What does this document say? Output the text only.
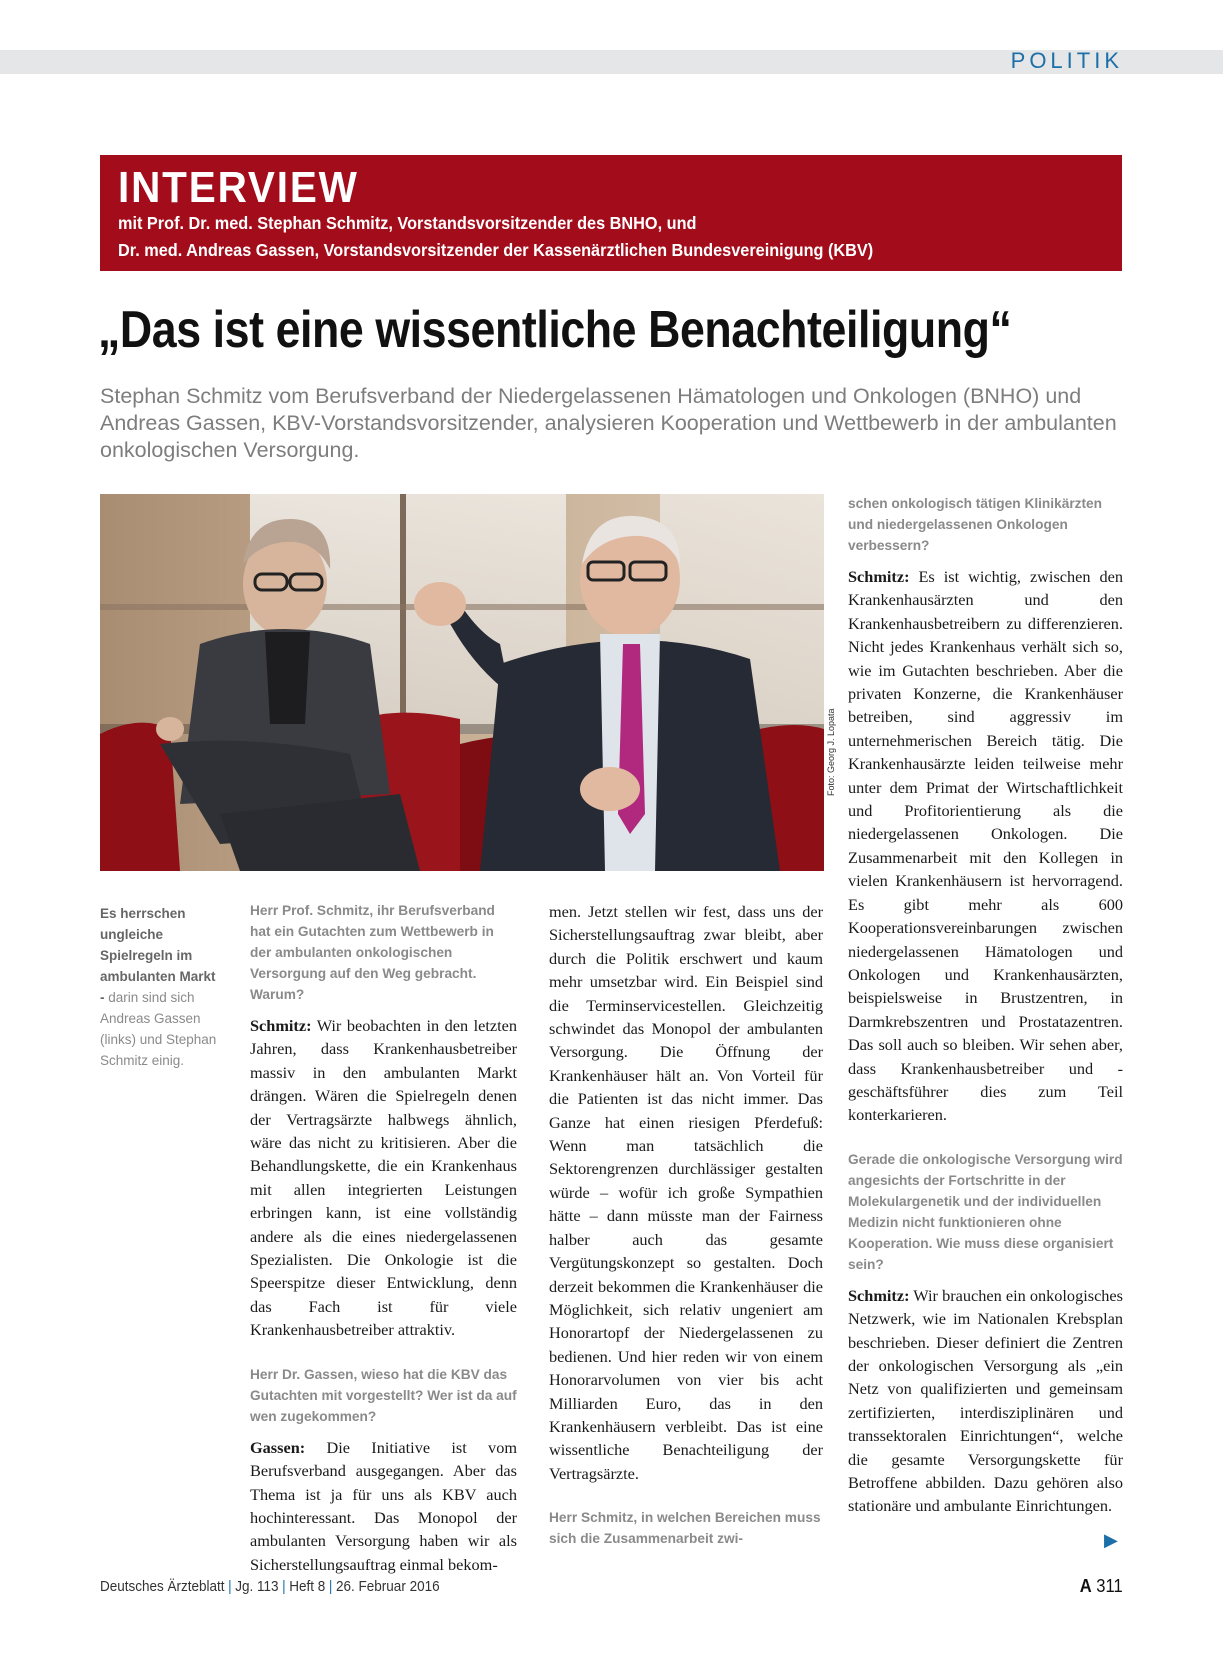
POLITIK
INTERVIEW
mit Prof. Dr. med. Stephan Schmitz, Vorstandsvorsitzender des BNHO, und
Dr. med. Andreas Gassen, Vorstandsvorsitzender der Kassenärztlichen Bundesvereinigung (KBV)
„Das ist eine wissentliche Benachteiligung“
Stephan Schmitz vom Berufsverband der Niedergelassenen Hämatologen und Onkologen (BNHO) und Andreas Gassen, KBV-Vorstandsvorsitzender, analysieren Kooperation und Wettbewerb in der ambulanten onkologischen Versorgung.
Foto: Georg J. Lopata
Es herrschen ungleiche Spielregeln im ambulanten Markt - darin sind sich Andreas Gassen (links) und Stephan Schmitz einig.
Herr Prof. Schmitz, ihr Berufsverband hat ein Gutachten zum Wettbewerb in der ambulanten onkologischen Versorgung auf den Weg gebracht. Warum?
Schmitz: Wir beobachten in den letzten Jahren, dass Krankenhausbetreiber massiv in den ambulanten Markt drängen. Wären die Spielregeln denen der Vertragsärzte halbwegs ähnlich, wäre das nicht zu kritisieren. Aber die Behandlungskette, die ein Krankenhaus mit allen integrierten Leistungen erbringen kann, ist eine vollständig andere als die eines niedergelassenen Spezialisten. Die Onkologie ist die Speerspitze dieser Entwicklung, denn das Fach ist für viele Krankenhausbetreiber attraktiv.
Herr Dr. Gassen, wieso hat die KBV das Gutachten mit vorgestellt? Wer ist da auf wen zugekommen?
Gassen: Die Initiative ist vom Berufsverband ausgegangen. Aber das Thema ist ja für uns als KBV auch hochinteressant. Das Monopol der ambulanten Versorgung haben wir als Sicherstellungsauftrag einmal bekom-
men. Jetzt stellen wir fest, dass uns der Sicherstellungsauftrag zwar bleibt, aber durch die Politik erschwert und kaum mehr umsetzbar wird. Ein Beispiel sind die Terminservicestellen. Gleichzeitig schwindet das Monopol der ambulanten Versorgung. Die Öffnung der Krankenhäuser hält an. Von Vorteil für die Patienten ist das nicht immer. Das Ganze hat einen riesigen Pferdefuß: Wenn man tatsächlich die Sektorengrenzen durchlässiger gestalten würde – wofür ich große Sympathien hätte – dann müsste man der Fairness halber auch das gesamte Vergütungskonzept so gestalten. Doch derzeit bekommen die Krankenhäuser die Möglichkeit, sich relativ ungeniert am Honorartopf der Niedergelassenen zu bedienen. Und hier reden wir von einem Honorarvolumen von vier bis acht Milliarden Euro, das in den Krankenhäusern verbleibt. Das ist eine wissentliche Benachteiligung der Vertragsärzte.
Herr Schmitz, in welchen Bereichen muss sich die Zusammenarbeit zwi-
schen onkologisch tätigen Klinikärzten und niedergelassenen Onkologen verbessern?
Schmitz: Es ist wichtig, zwischen den Krankenhausärzten und den Krankenhausbetreibern zu differenzieren. Nicht jedes Krankenhaus verhält sich so, wie im Gutachten beschrieben. Aber die privaten Konzerne, die Krankenhäuser betreiben, sind aggressiv im unternehmerischen Bereich tätig. Die Krankenhausärzte leiden teilweise mehr unter dem Primat der Wirtschaftlichkeit und Profitorientierung als die niedergelassenen Onkologen. Die Zusammenarbeit mit den Kollegen in vielen Krankenhäusern ist hervorragend. Es gibt mehr als 600 Kooperationsvereinbarungen zwischen niedergelassenen Hämatologen und Onkologen und Krankenhausärzten, beispielsweise in Brustzentren, in Darmkrebszentren und Prostatazentren. Das soll auch so bleiben. Wir sehen aber, dass Krankenhausbetreiber und -geschäftsführer dies zum Teil konterkarieren.
Gerade die onkologische Versorgung wird angesichts der Fortschritte in der Molekulargenetik und der individuellen Medizin nicht funktionieren ohne Kooperation. Wie muss diese organisiert sein?
Schmitz: Wir brauchen ein onkologisches Netzwerk, wie im Nationalen Krebsplan beschrieben. Dieser definiert die Zentren der onkologischen Versorgung als „ein Netz von qualifizierten und gemeinsam zertifizierten, interdisziplinären und transsektoralen Einrichtungen“, welche die gesamte Versorgungskette für Betroffene abbilden. Dazu gehören also stationäre und ambulante Einrichtungen.
▶
Deutsches Ärzteblatt | Jg. 113 | Heft 8 | 26. Februar 2016	A 311
